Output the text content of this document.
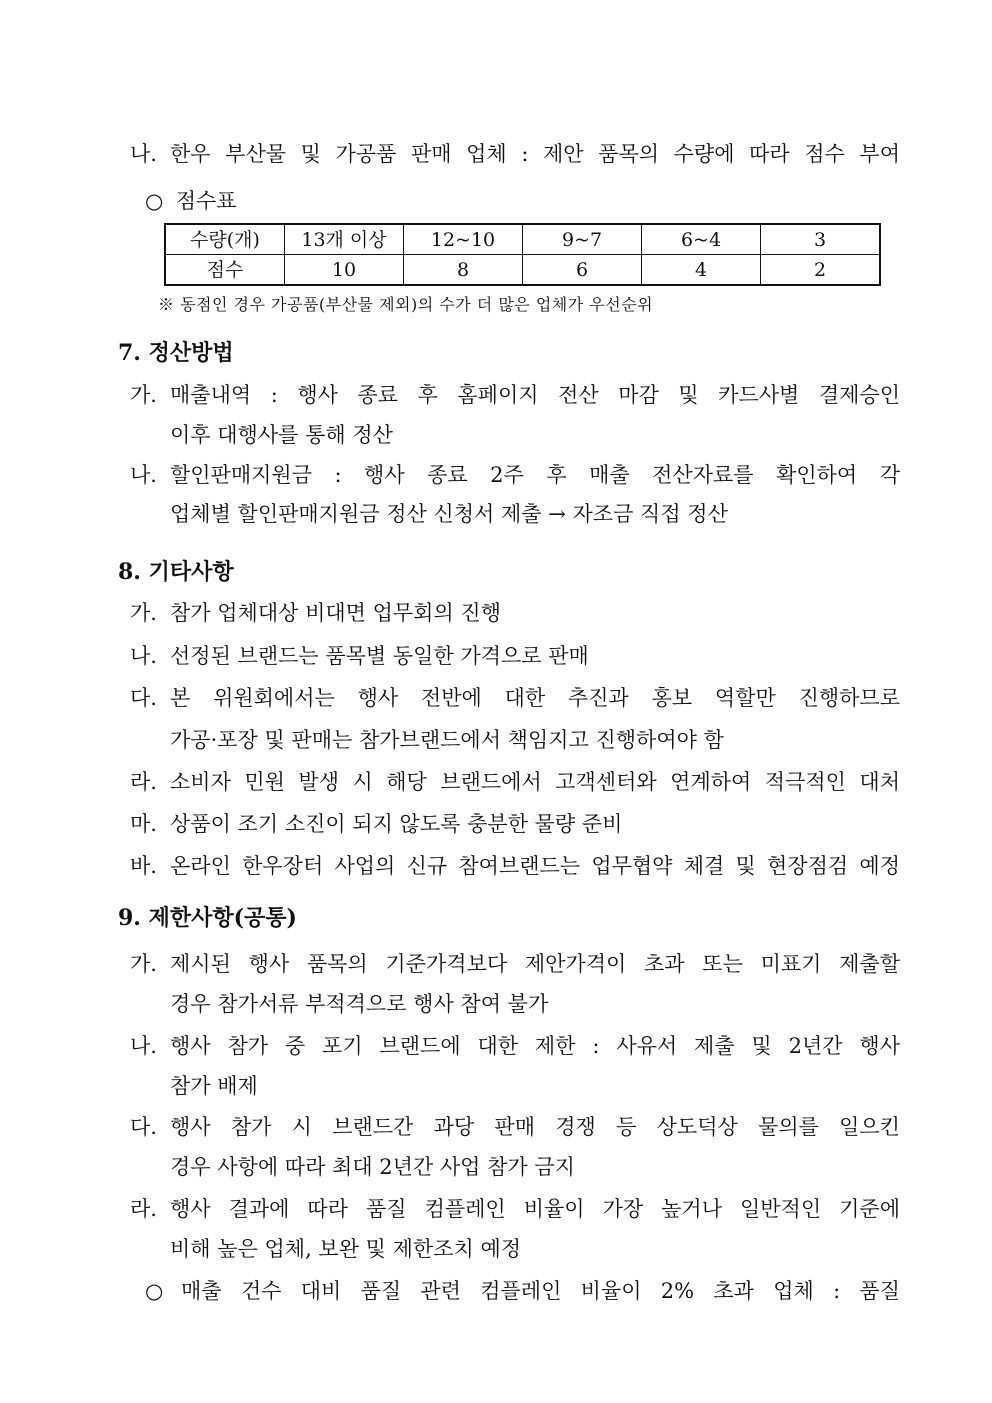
나. 한우 부산물 및 가공품 판매 업체 : 제안 품목의 수량에 따라 점수 부여
○ 점수표
수량(개)	13개 이상	12~10	9~7	6~4	3
점수	10	8	6	4	2
※ 동점인 경우 가공품(부산물 제외)의 수가 더 많은 업체가 우선순위
7. 정산방법
가. 매출내역 : 행사 종료 후 홈페이지 전산 마감 및 카드사별 결제승인
이후 대행사를 통해 정산
나. 할인판매지원금 : 행사 종료 2주 후 매출 전산자료를 확인하여 각
업체별 할인판매지원금 정산 신청서 제출 → 자조금 직접 정산
8. 기타사항
가. 참가 업체대상 비대면 업무회의 진행
나. 선정된 브랜드는 품목별 동일한 가격으로 판매
다. 본 위원회에서는 행사 전반에 대한 추진과 홍보 역할만 진행하므로
가공·포장 및 판매는 참가브랜드에서 책임지고 진행하여야 함
라. 소비자 민원 발생 시 해당 브랜드에서 고객센터와 연계하여 적극적인 대처
마. 상품이 조기 소진이 되지 않도록 충분한 물량 준비
바. 온라인 한우장터 사업의 신규 참여브랜드는 업무협약 체결 및 현장점검 예정
9. 제한사항(공통)
가. 제시된 행사 품목의 기준가격보다 제안가격이 초과 또는 미표기 제출할
경우 참가서류 부적격으로 행사 참여 불가
나. 행사 참가 중 포기 브랜드에 대한 제한 : 사유서 제출 및 2년간 행사
참가 배제
다. 행사 참가 시 브랜드간 과당 판매 경쟁 등 상도덕상 물의를 일으킨
경우 사항에 따라 최대 2년간 사업 참가 금지
라. 행사 결과에 따라 품질 컴플레인 비율이 가장 높거나 일반적인 기준에
비해 높은 업체, 보완 및 제한조치 예정
○ 매출 건수 대비 품질 관련 컴플레인 비율이 2% 초과 업체 : 품질
